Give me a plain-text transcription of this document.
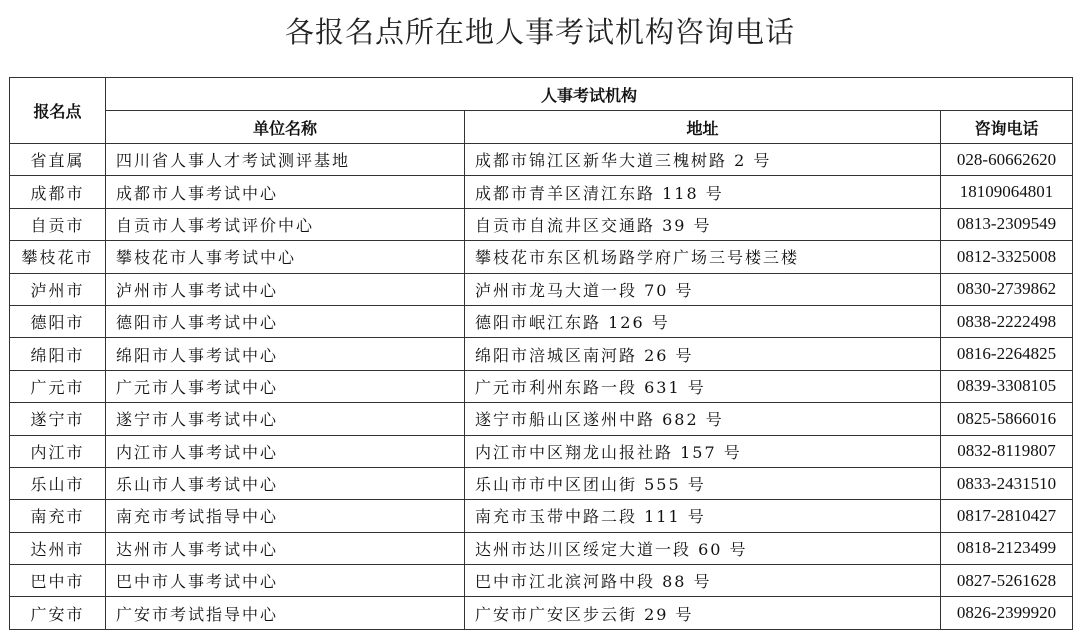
各报名点所在地人事考试机构咨询电话
报名点	人事考试机构		
	单位名称	地址	咨询电话
省直属	四川省人事人才考试测评基地	成都市锦江区新华大道三槐树路 2 号	028-60662620
成都市	成都市人事考试中心	成都市青羊区清江东路 118 号	18109064801
自贡市	自贡市人事考试评价中心	自贡市自流井区交通路 39 号	0813-2309549
攀枝花市	攀枝花市人事考试中心	攀枝花市东区机场路学府广场三号楼三楼	0812-3325008
泸州市	泸州市人事考试中心	泸州市龙马大道一段 70 号	0830-2739862
德阳市	德阳市人事考试中心	德阳市岷江东路 126 号	0838-2222498
绵阳市	绵阳市人事考试中心	绵阳市涪城区南河路 26 号	0816-2264825
广元市	广元市人事考试中心	广元市利州东路一段 631 号	0839-3308105
遂宁市	遂宁市人事考试中心	遂宁市船山区遂州中路 682 号	0825-5866016
内江市	内江市人事考试中心	内江市中区翔龙山报社路 157 号	0832-8119807
乐山市	乐山市人事考试中心	乐山市市中区团山街 555 号	0833-2431510
南充市	南充市考试指导中心	南充市玉带中路二段 111 号	0817-2810427
达州市	达州市人事考试中心	达州市达川区绥定大道一段 60 号	0818-2123499
巴中市	巴中市人事考试中心	巴中市江北滨河路中段 88 号	0827-5261628
广安市	广安市考试指导中心	广安市广安区步云街 29 号	0826-2399920
